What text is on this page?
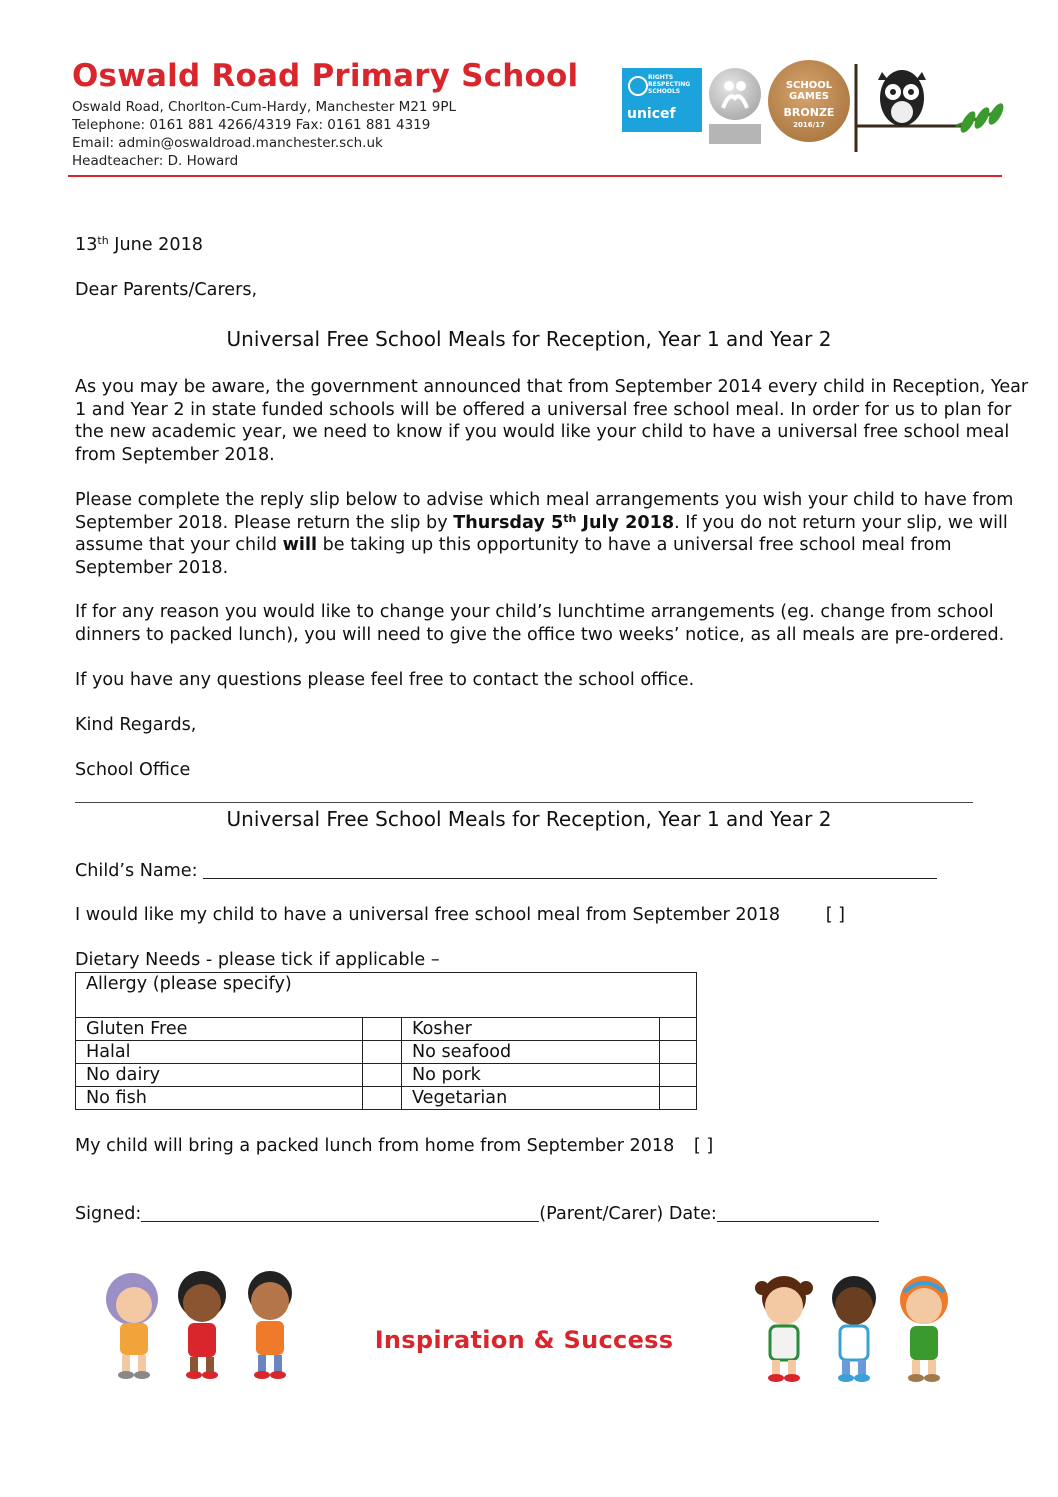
Oswald Road Primary School
Oswald Road, Chorlton-Cum-Hardy, Manchester M21 9PL
Telephone: 0161 881 4266/4319 Fax: 0161 881 4319
Email: admin@oswaldroad.manchester.sch.uk
Headteacher: D. Howard
RIGHTS RESPECTING SCHOOLS
unicef
SCHOOL GAMES
BRONZE
2016/17
13th June 2018
Dear Parents/Carers,
Universal Free School Meals for Reception, Year 1 and Year 2
As you may be aware, the government announced that from September 2014 every child in Reception, Year
1 and Year 2 in state funded schools will be offered a universal free school meal. In order for us to plan for
the new academic year, we need to know if you would like your child to have a universal free school meal
from September 2018.
Please complete the reply slip below to advise which meal arrangements you wish your child to have from
September 2018. Please return the slip by Thursday 5th July 2018. If you do not return your slip, we will
assume that your child will be taking up this opportunity to have a universal free school meal from
September 2018.
If for any reason you would like to change your child’s lunchtime arrangements (eg. change from school
dinners to packed lunch), you will need to give the office two weeks’ notice, as all meals are pre-ordered.
If you have any questions please feel free to contact the school office.
Kind Regards,
School Office
Universal Free School Meals for Reception, Year 1 and Year 2
Child’s Name:
I would like my child to have a universal free school meal from September 2018	[ ]
Dietary Needs - please tick if applicable –
Allergy (please specify)			
Gluten Free		Kosher	
Halal		No seafood	
No dairy		No pork	
No fish		Vegetarian	
My child will bring a packed lunch from home from September 2018 [ ]
Signed:	(Parent/Carer) Date:
Inspiration & Success
